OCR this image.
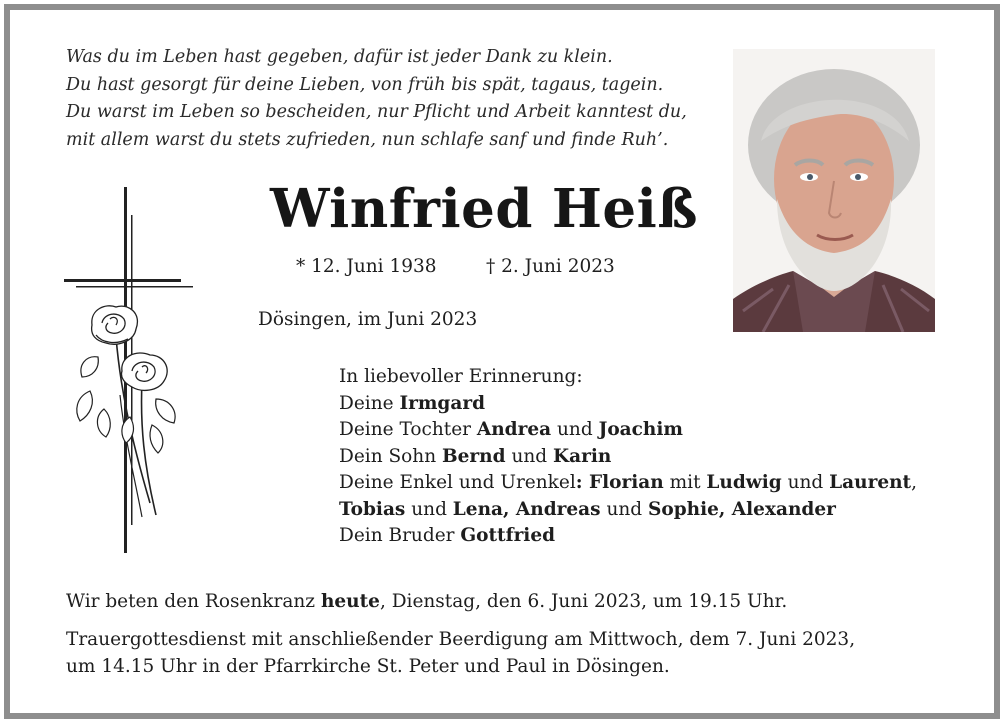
Was du im Leben hast gegeben, dafür ist jeder Dank zu klein.
Du hast gesorgt für deine Lieben, von früh bis spät, tagaus, tagein.
Du warst im Leben so bescheiden, nur Pflicht und Arbeit kanntest du,
mit allem warst du stets zufrieden, nun schlafe sanf und finde Ruh’.
Winfried Heiß
* 12. Juni 1938	† 2. Juni 2023
Dösingen, im Juni 2023
In liebevoller Erinnerung:
Deine Irmgard
Deine Tochter Andrea und Joachim
Dein Sohn Bernd und Karin
Deine Enkel und Urenkel: Florian mit Ludwig und Laurent,
Tobias und Lena, Andreas und Sophie, Alexander
Dein Bruder Gottfried
Wir beten den Rosenkranz heute, Dienstag, den 6. Juni 2023, um 19.15 Uhr.
Trauergottesdienst mit anschließender Beerdigung am Mittwoch, dem 7. Juni 2023,
um 14.15 Uhr in der Pfarrkirche St. Peter und Paul in Dösingen.
